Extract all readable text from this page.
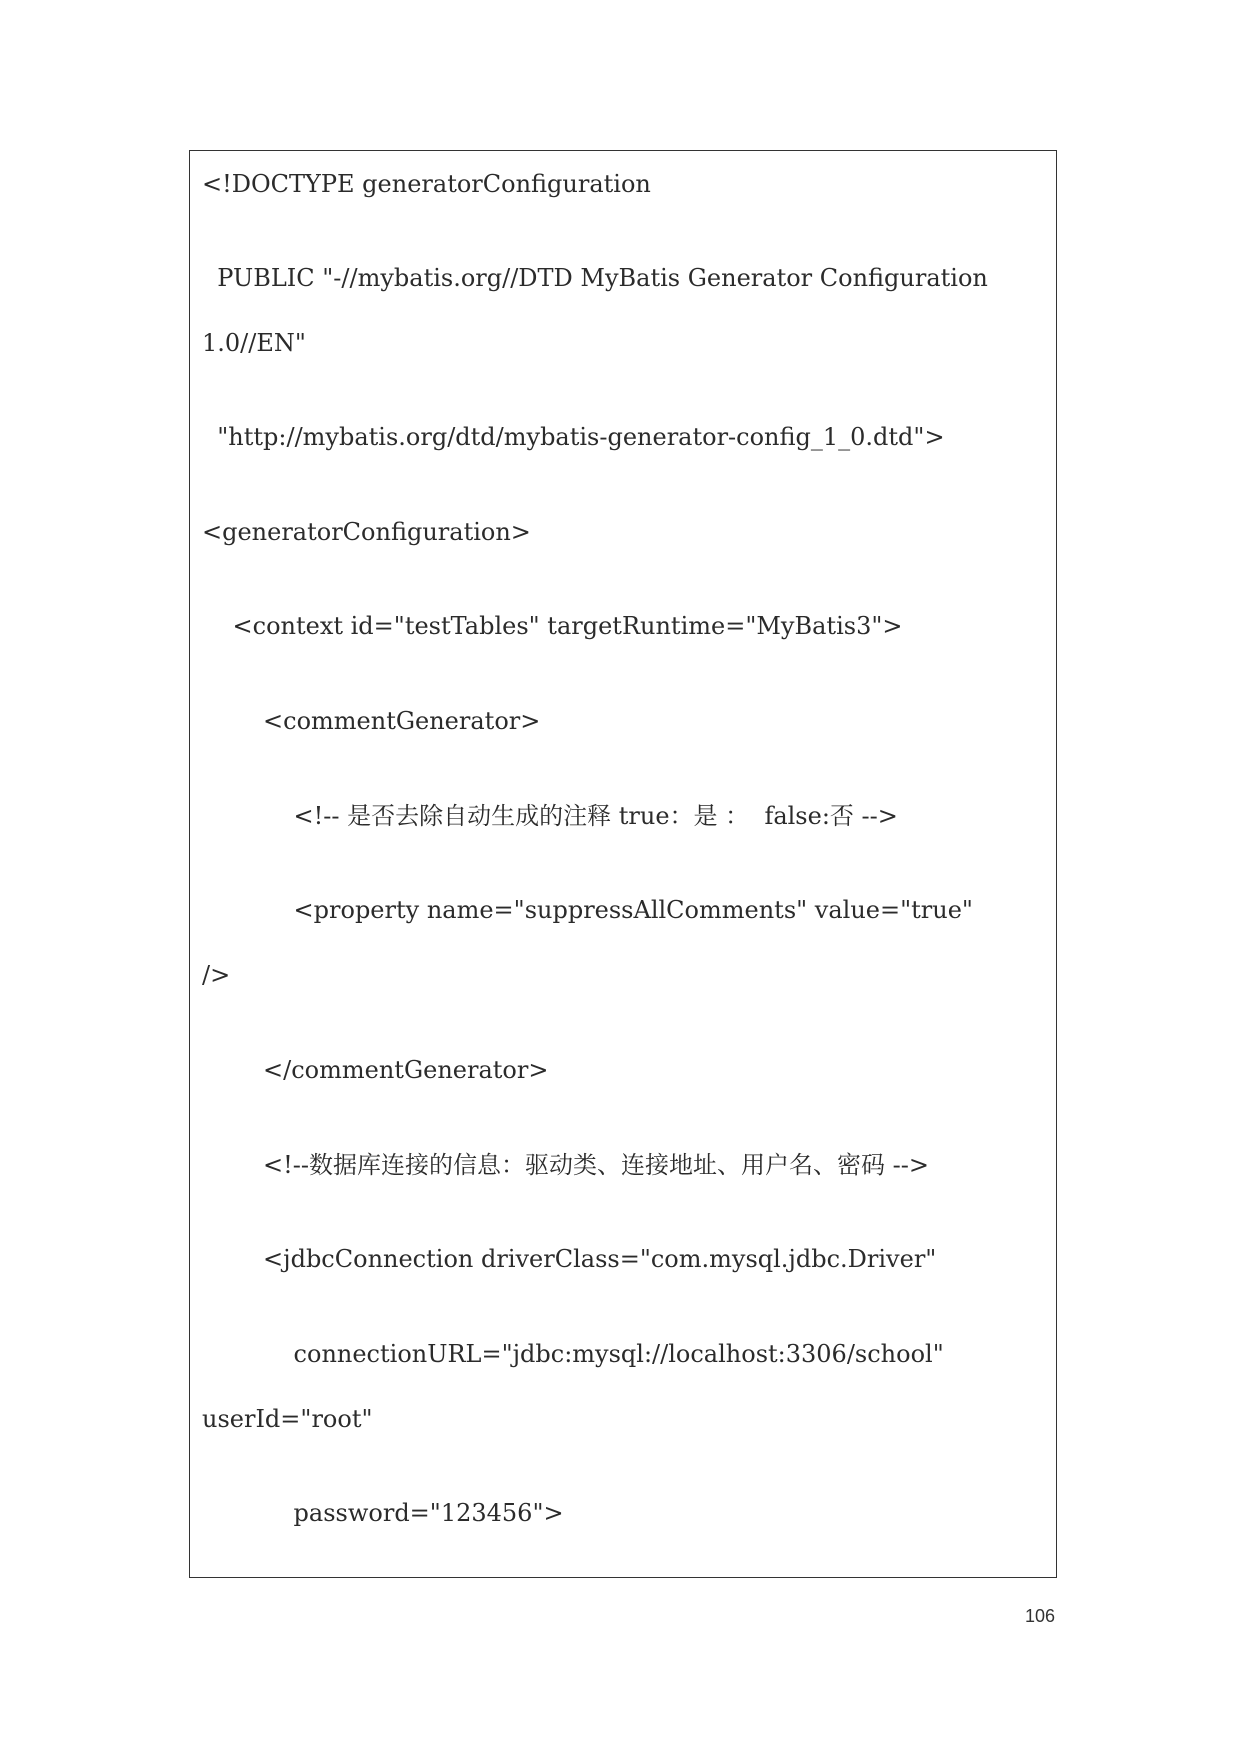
<!DOCTYPE generatorConfiguration
PUBLIC "-//mybatis.org//DTD MyBatis Generator Configuration
1.0//EN"
"http://mybatis.org/dtd/mybatis-generator-config_1_0.dtd">
<generatorConfiguration>
<context id="testTables" targetRuntime="MyBatis3">
<commentGenerator>
<!-- 是否去除自动生成的注释 true：是 ：  false:否 -->
<property name="suppressAllComments" value="true"
/>
</commentGenerator>
<!--数据库连接的信息：驱动类、连接地址、用户名、密码 -->
<jdbcConnection driverClass="com.mysql.jdbc.Driver"
connectionURL="jdbc:mysql://localhost:3306/school"
userId="root"
password="123456">
106
